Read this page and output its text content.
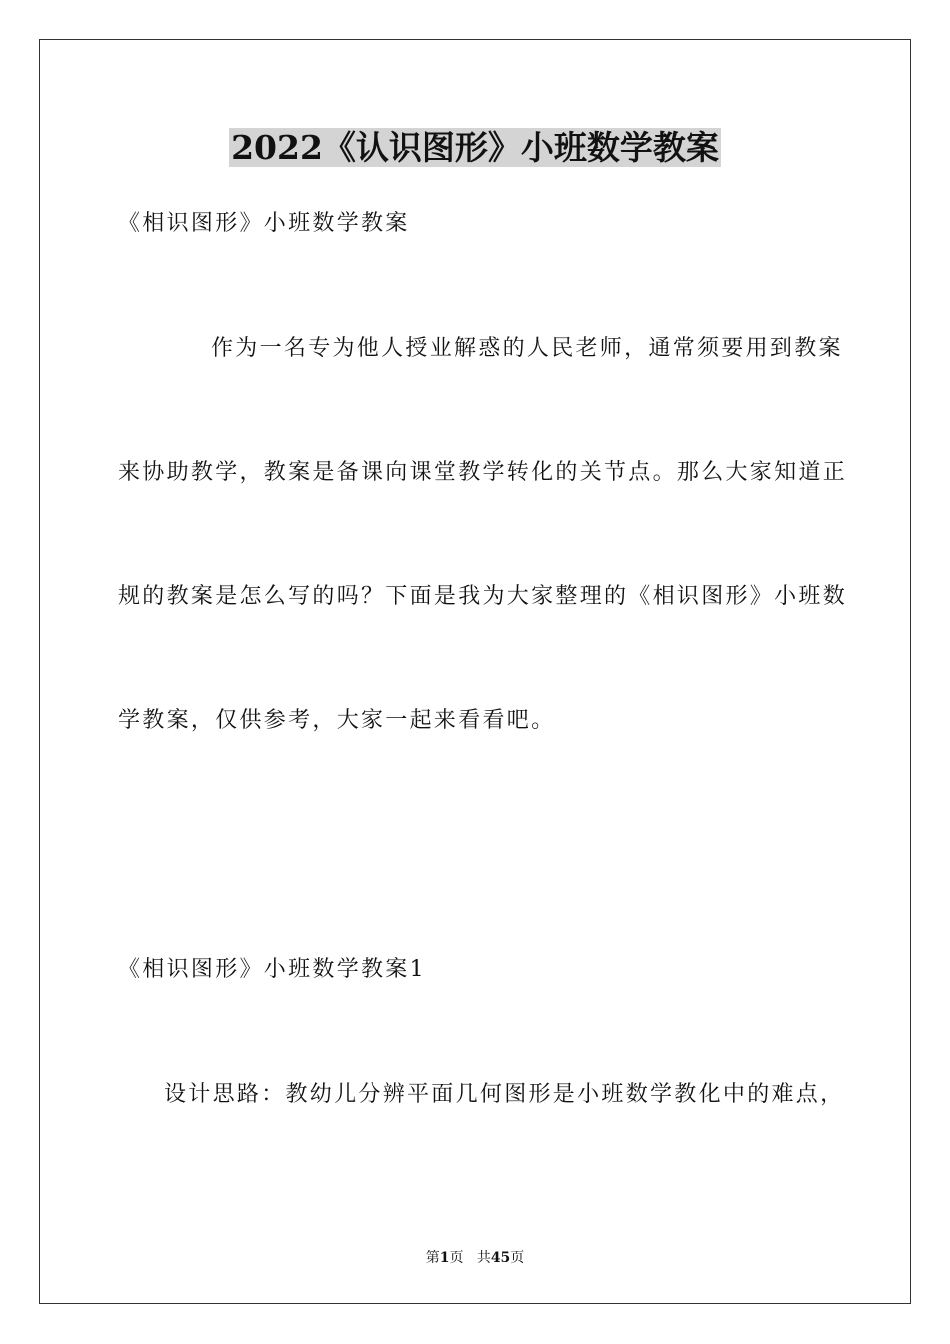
2022《认识图形》小班数学教案
《相识图形》小班数学教案
作为一名专为他人授业解惑的人民老师，通常须要用到教案
来协助教学，教案是备课向课堂教学转化的关节点。那么大家知道正
规的教案是怎么写的吗？下面是我为大家整理的《相识图形》小班数
学教案，仅供参考，大家一起来看看吧。
《相识图形》小班数学教案1
设计思路：教幼儿分辨平面几何图形是小班数学教化中的难点，
第1页 共45页
